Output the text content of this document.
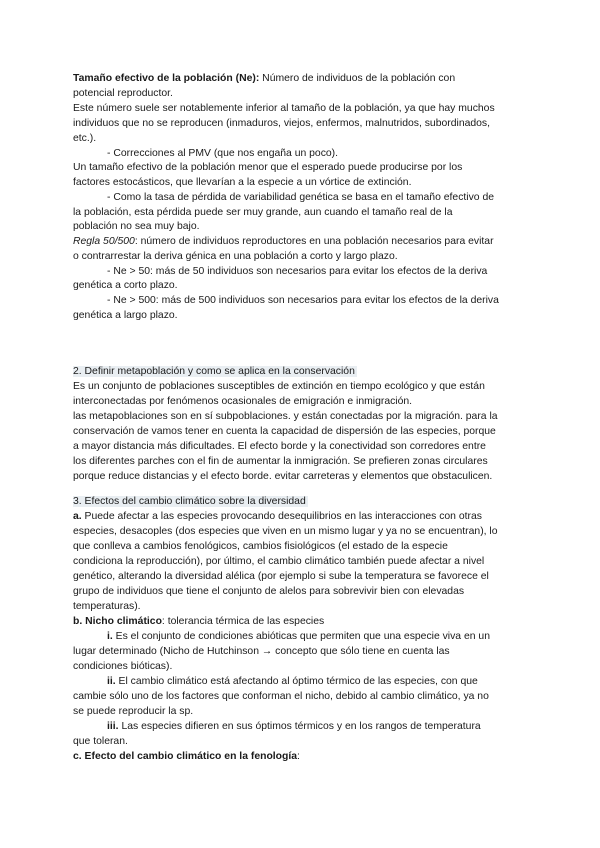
Tamaño efectivo de la población (Ne): Número de individuos de la población con
potencial reproductor.
Este número suele ser notablemente inferior al tamaño de la población, ya que hay muchos
individuos que no se reproducen (inmaduros, viejos, enfermos, malnutridos, subordinados,
etc.).
- Correcciones al PMV (que nos engaña un poco).
Un tamaño efectivo de la población menor que el esperado puede producirse por los
factores estocásticos, que llevarían a la especie a un vórtice de extinción.
- Como la tasa de pérdida de variabilidad genética se basa en el tamaño efectivo de
la población, esta pérdida puede ser muy grande, aun cuando el tamaño real de la
población no sea muy bajo.
Regla 50/500: número de individuos reproductores en una población necesarios para evitar
o contrarrestar la deriva génica en una población a corto y largo plazo.
- Ne > 50: más de 50 individuos son necesarios para evitar los efectos de la deriva
genética a corto plazo.
- Ne > 500: más de 500 individuos son necesarios para evitar los efectos de la deriva
genética a largo plazo.
2. Definir metapoblación y como se aplica en la conservación
Es un conjunto de poblaciones susceptibles de extinción en tiempo ecológico y que están
interconectadas por fenómenos ocasionales de emigración e inmigración.
las metapoblaciones son en sí subpoblaciones. y están conectadas por la migración. para la
conservación de vamos tener en cuenta la capacidad de dispersión de las especies, porque
a mayor distancia más dificultades. El efecto borde y la conectividad son corredores entre
los diferentes parches con el fin de aumentar la inmigración. Se prefieren zonas circulares
porque reduce distancias y el efecto borde. evitar carreteras y elementos que obstaculicen.
3. Efectos del cambio climático sobre la diversidad
a. Puede afectar a las especies provocando desequilibrios en las interacciones con otras
especies, desacoples (dos especies que viven en un mismo lugar y ya no se encuentran), lo
que conlleva a cambios fenológicos, cambios fisiológicos (el estado de la especie
condiciona la reproducción), por último, el cambio climático también puede afectar a nivel
genético, alterando la diversidad alélica (por ejemplo si sube la temperatura se favorece el
grupo de individuos que tiene el conjunto de alelos para sobrevivir bien con elevadas
temperaturas).
b. Nicho climático: tolerancia térmica de las especies
i. Es el conjunto de condiciones abióticas que permiten que una especie viva en un
lugar determinado (Nicho de Hutchinson → concepto que sólo tiene en cuenta las
condiciones bióticas).
ii. El cambio climático está afectando al óptimo térmico de las especies, con que
cambie sólo uno de los factores que conforman el nicho, debido al cambio climático, ya no
se puede reproducir la sp.
iii. Las especies difieren en sus óptimos térmicos y en los rangos de temperatura
que toleran.
c. Efecto del cambio climático en la fenología:
